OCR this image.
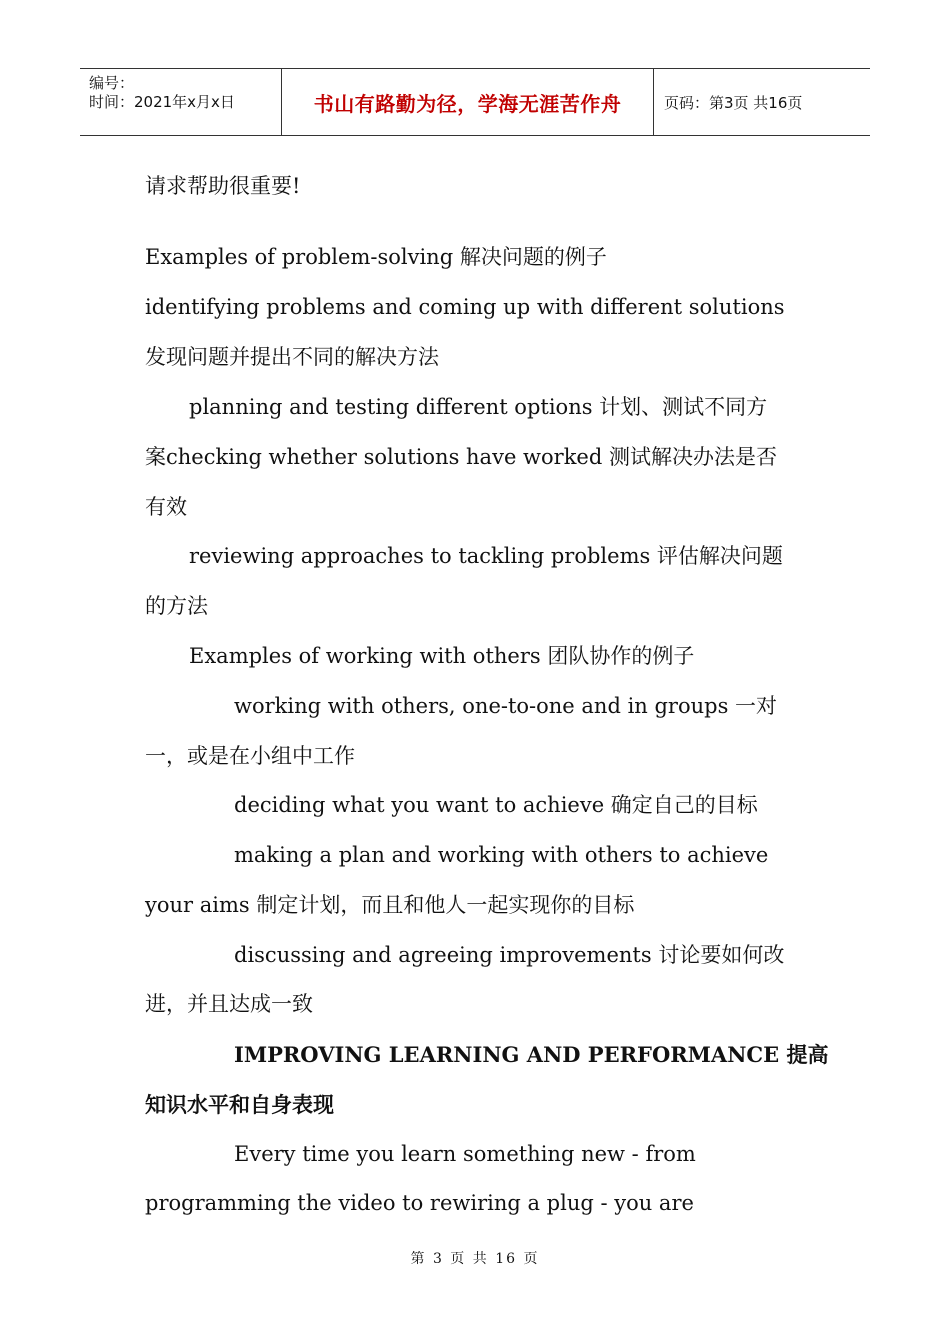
编号：
时间：2021年x月x日	书山有路勤为径，学海无涯苦作舟	页码：第3页 共16页
请求帮助很重要!
Examples of problem-solving 解决问题的例子
identifying problems and coming up with different solutions
发现问题并提出不同的解决方法
planning and testing different options 计划、测试不同方
案checking whether solutions have worked 测试解决办法是否
有效
reviewing approaches to tackling problems 评估解决问题
的方法
Examples of working with others 团队协作的例子
working with others, one-to-one and in groups 一对
一，或是在小组中工作
deciding what you want to achieve 确定自己的目标
making a plan and working with others to achieve
your aims 制定计划，而且和他人一起实现你的目标
discussing and agreeing improvements 讨论要如何改
进，并且达成一致
IMPROVING LEARNING AND PERFORMANCE 提高
知识水平和自身表现
Every time you learn something new - from
programming the video to rewiring a plug - you are
第 3 页 共 16 页
